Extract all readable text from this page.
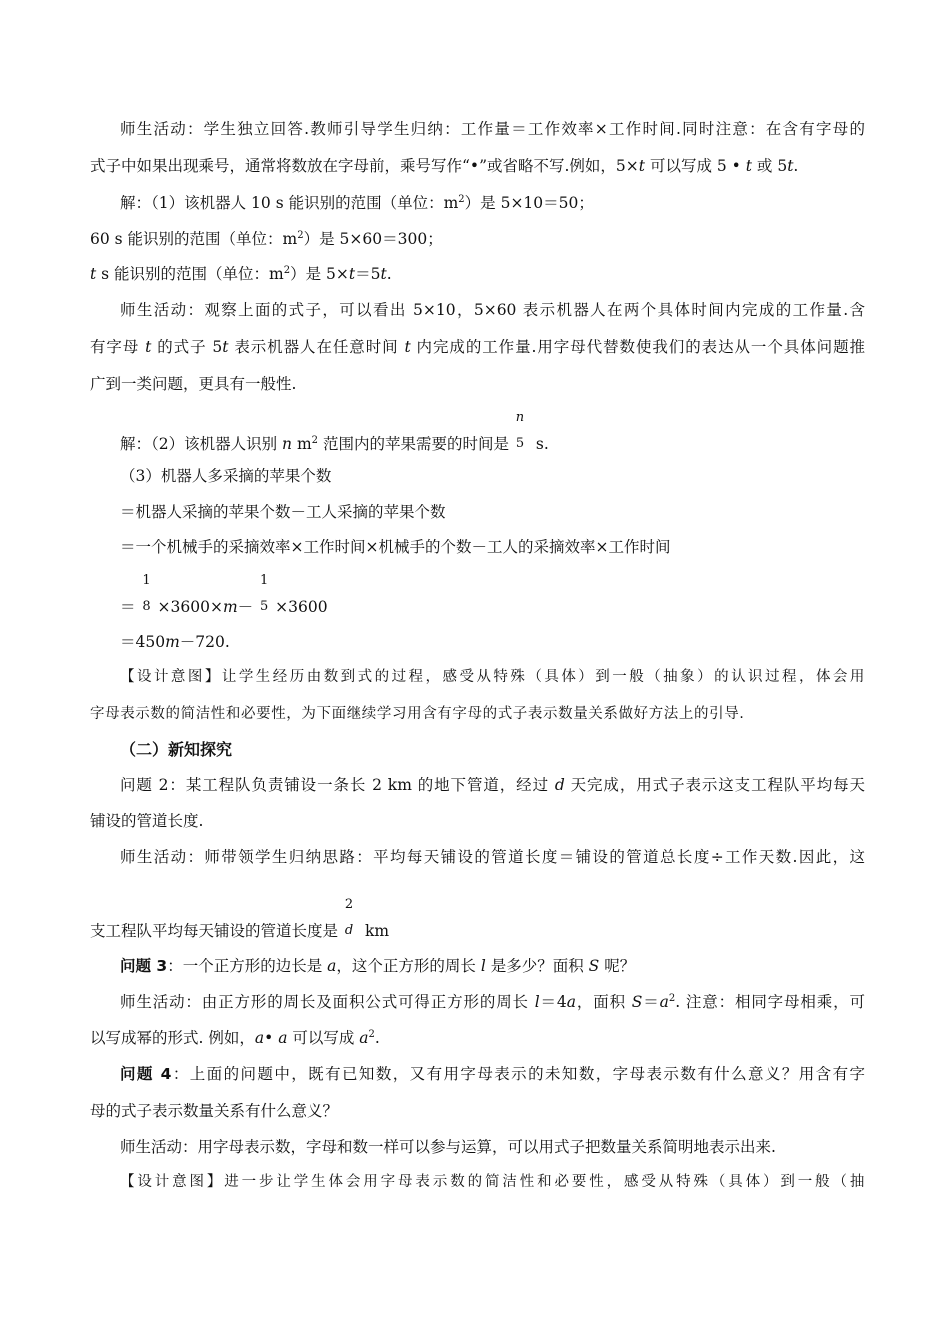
师生活动：学生独立回答.教师引导学生归纳：工作量＝工作效率×工作时间.同时注意：在含有字母的
式子中如果出现乘号，通常将数放在字母前，乘号写作“•”或省略不写.例如，5×t 可以写成 5 • t 或 5t.
解：（1）该机器人 10 s 能识别的范围（单位：$m^2$）是 5×10＝50；
60 s 能识别的范围（单位：$m^2$）是 5×60＝300；
t s 能识别的范围（单位：$m^2$）是 5×t＝5t.
师生活动：观察上面的式子，可以看出 5×10，5×60 表示机器人在两个具体时间内完成的工作量.含
有字母 t 的式子 5t 表示机器人在任意时间 t 内完成的工作量.用字母代替数使我们的表达从一个具体问题推
广到一类问题，更具有一般性.
解：（2）该机器人识别 n $m^2$ 范围内的苹果需要的时间是
n
5 s.
（3）机器人多采摘的苹果个数
＝机器人采摘的苹果个数－工人采摘的苹果个数
＝一个机械手的采摘效率×工作时间×机械手的个数－工人的采摘效率×工作时间
＝
1
8 ×3600×m－
1
5 ×3600
＝450m－720.
【设计意图】让学生经历由数到式的过程，感受从特殊（具体）到一般（抽象）的认识过程，体会用
字母表示数的简洁性和必要性，为下面继续学习用含有字母的式子表示数量关系做好方法上的引导.
（二）新知探究
问题 2：某工程队负责铺设一条长 2 km 的地下管道，经过 d 天完成，用式子表示这支工程队平均每天
铺设的管道长度.
师生活动：师带领学生归纳思路：平均每天铺设的管道长度＝铺设的管道总长度÷工作天数.因此，这
支工程队平均每天铺设的管道长度是
2
d km
问题 3：一个正方形的边长是 a，这个正方形的周长 l 是多少？面积 S 呢？
师生活动：由正方形的周长及面积公式可得正方形的周长 l＝4a，面积 $S=a^2$. 注意：相同字母相乘，可
以写成幂的形式. 例如，a• a 可以写成 $a^2$.
问题 4：上面的问题中，既有已知数，又有用字母表示的未知数，字母表示数有什么意义？用含有字
母的式子表示数量关系有什么意义？
师生活动：用字母表示数，字母和数一样可以参与运算，可以用式子把数量关系简明地表示出来.
【设计意图】进一步让学生体会用字母表示数的简洁性和必要性，感受从特殊（具体）到一般（抽
